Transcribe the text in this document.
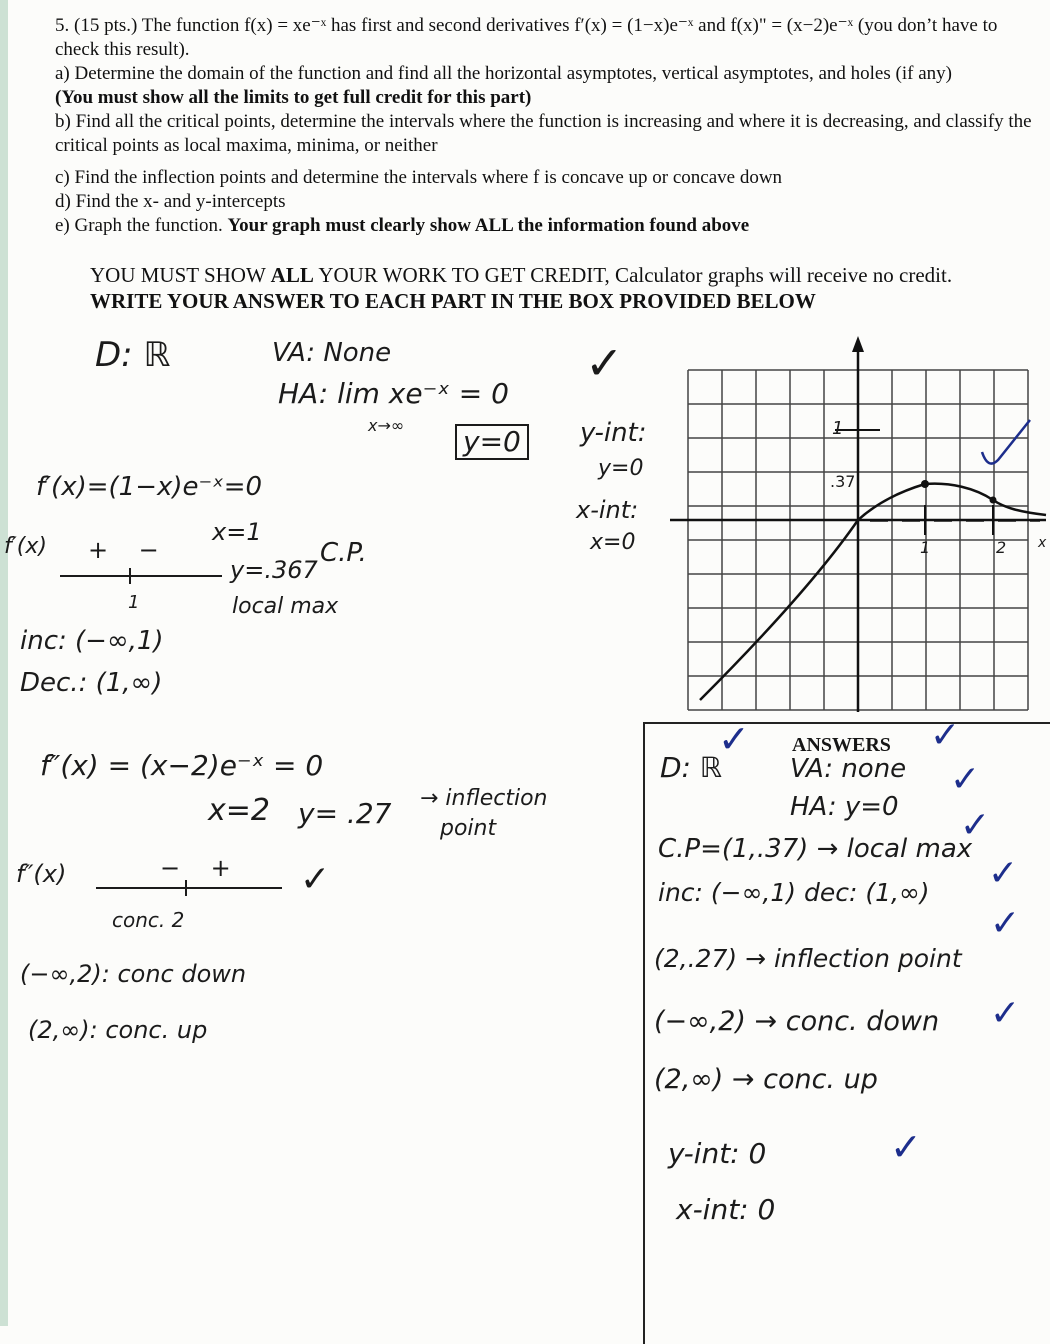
5. (15 pts.) The function f(x) = xe⁻ˣ has first and second derivatives f′(x) = (1−x)e⁻ˣ and f(x)" = (x−2)e⁻ˣ (you don’t have to check this result).
a) Determine the domain of the function and find all the horizontal asymptotes, vertical asymptotes, and holes (if any)
(You must show all the limits to get full credit for this part)
b) Find all the critical points, determine the intervals where the function is increasing and where it is decreasing, and classify the critical points as local maxima, minima, or neither
c) Find the inflection points and determine the intervals where f is concave up or concave down
d) Find the x- and y-intercepts
e) Graph the function. Your graph must clearly show ALL the information found above
YOU MUST SHOW ALL YOUR WORK TO GET CREDIT, Calculator graphs will receive no credit.
WRITE YOUR ANSWER TO EACH PART IN THE BOX PROVIDED BELOW
D: ℝ	VA: None
HA: lim xe⁻ˣ = 0
x→∞ y=0	y-int:
y=0
x-int:
x=0
f′(x)=(1−x)e⁻ˣ=0
f′(x) +    −
x=1
y=.367
C.P.
local max
1
inc: (−∞,1)
Dec.: (1,∞)
f″(x) = (x−2)e⁻ˣ = 0
x=2 y= .27 → inflection
point
f″(x)	−    +
conc. 2
(−∞,2): conc down
(2,∞): conc. up
✓
✓
1
.37
1	2 x
ANSWERS
D: ℝ	VA: none
HA: y=0
C.P=(1,.37) → local max
inc: (−∞,1) dec: (1,∞)
(2,.27) → inflection point
(−∞,2) → conc. down
(2,∞) → conc. up
y-int: 0
x-int: 0
✓	✓
✓
✓
✓
✓
✓
✓
